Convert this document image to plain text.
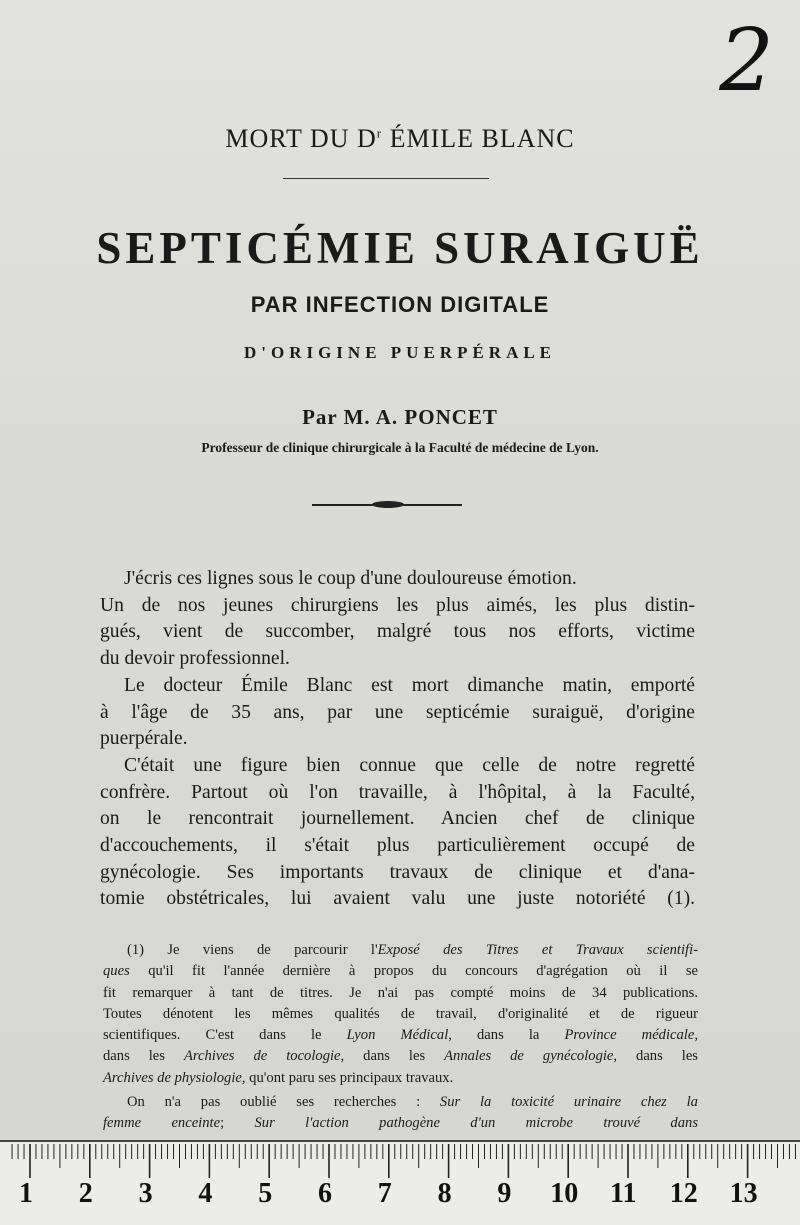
2
MORT DU $D^r$ ÉMILE BLANC
SEPTICÉMIE SURAIGUË
PAR INFECTION DIGITALE
D'ORIGINE PUERPÉRALE
Par M. A. PONCET
Professeur de clinique chirurgicale à la Faculté de médecine de Lyon.
J'écris ces lignes sous le coup d'une douloureuse émotion.
Un de nos jeunes chirurgiens les plus aimés, les plus distin-
gués, vient de succomber, malgré tous nos efforts, victime
du devoir professionnel.
Le docteur Émile Blanc est mort dimanche matin, emporté
à l'âge de 35 ans, par une septicémie suraiguë, d'origine
puerpérale.
C'était une figure bien connue que celle de notre regretté
confrère. Partout où l'on travaille, à l'hôpital, à la Faculté,
on le rencontrait journellement. Ancien chef de clinique
d'accouchements, il s'était plus particulièrement occupé de
gynécologie. Ses importants travaux de clinique et d'ana-
tomie obstétricales, lui avaient valu une juste notoriété (1).
(1) Je viens de parcourir l'Exposé des Titres et Travaux scientifi-
ques qu'il fit l'année dernière à propos du concours d'agrégation où il se
fit remarquer à tant de titres. Je n'ai pas compté moins de 34 publications.
Toutes dénotent les mêmes qualités de travail, d'originalité et de rigueur
scientifiques. C'est dans le Lyon Médical, dans la Province médicale,
dans les Archives de tocologie, dans les Annales de gynécologie, dans les
Archives de physiologie, qu'ont paru ses principaux travaux.
On n'a pas oublié ses recherches : Sur la toxicité urinaire chez la
femme enceinte; Sur l'action pathogène d'un microbe trouvé dans
1 2 3 4 5 6 7 8 9 10 11 12 13
